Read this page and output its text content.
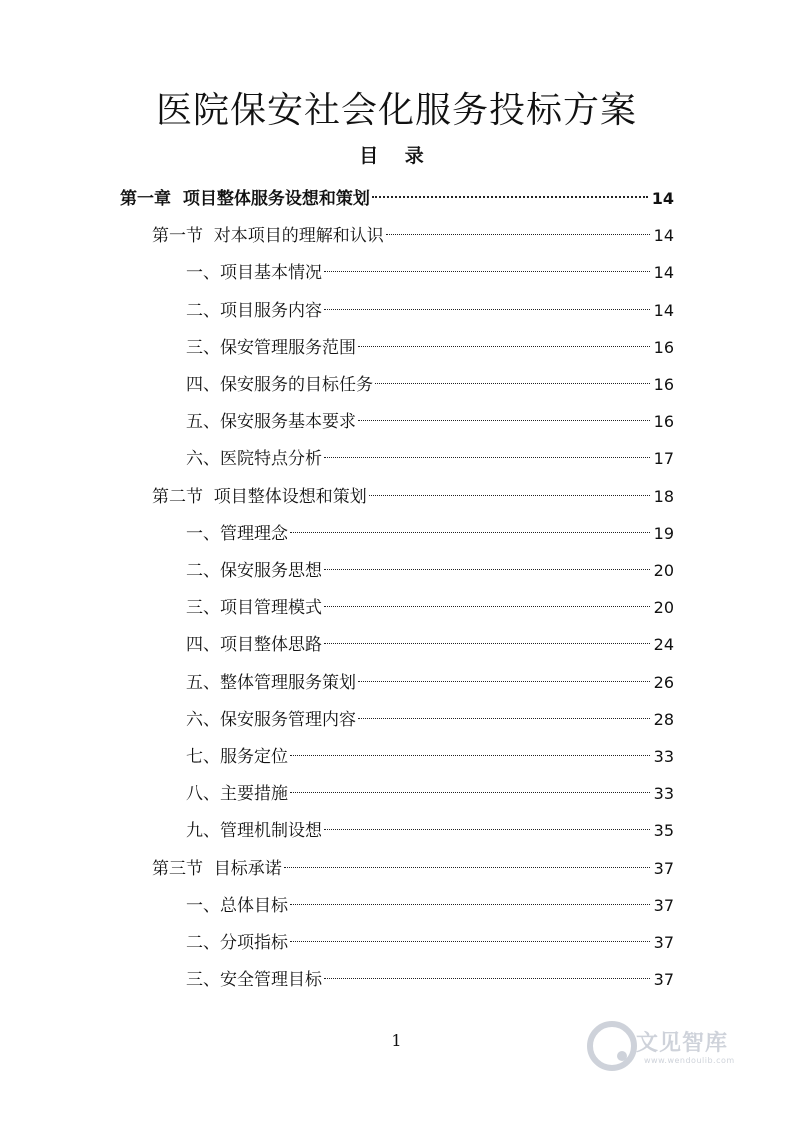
医院保安社会化服务投标方案
目 录
第一章  项目整体服务设想和策划	14
第一节  对本项目的理解和认识	14
一、项目基本情况	14
二、项目服务内容	14
三、保安管理服务范围	16
四、保安服务的目标任务	16
五、保安服务基本要求	16
六、医院特点分析	17
第二节  项目整体设想和策划	18
一、管理理念	19
二、保安服务思想	20
三、项目管理模式	20
四、项目整体思路	24
五、整体管理服务策划	26
六、保安服务管理内容	28
七、服务定位	33
八、主要措施	33
九、管理机制设想	35
第三节  目标承诺	37
一、总体目标	37
二、分项指标	37
三、安全管理目标	37
1	文见智库
www.wendoulib.com
